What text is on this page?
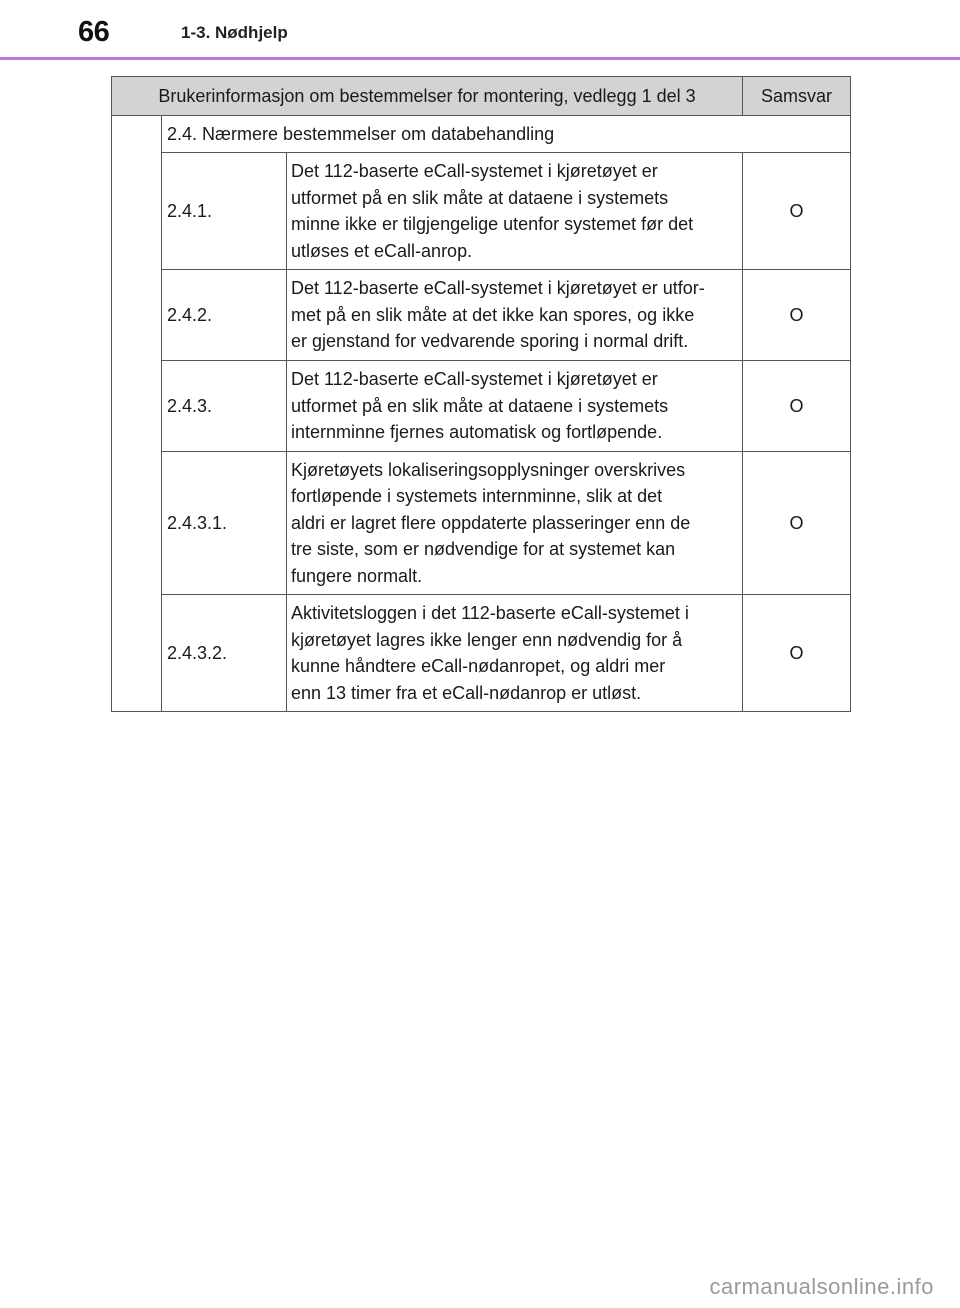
66	1-3. Nødhjelp
Brukerinformasjon om bestemmelser for montering, vedlegg 1 del 3			Samsvar
	2.4. Nærmere bestemmelser om databehandling		
	2.4.1.	Det 112-baserte eCall-systemet i kjøretøyet er
utformet på en slik måte at dataene i systemets
minne ikke er tilgjengelige utenfor systemet før det
utløses et eCall-anrop.	O
	2.4.2.	Det 112-baserte eCall-systemet i kjøretøyet er utfor-
met på en slik måte at det ikke kan spores, og ikke
er gjenstand for vedvarende sporing i normal drift.	O
	2.4.3.	Det 112-baserte eCall-systemet i kjøretøyet er
utformet på en slik måte at dataene i systemets
internminne fjernes automatisk og fortløpende.	O
	2.4.3.1.	Kjøretøyets lokaliseringsopplysninger overskrives
fortløpende i systemets internminne, slik at det
aldri er lagret flere oppdaterte plasseringer enn de
tre siste, som er nødvendige for at systemet kan
fungere normalt.	O
	2.4.3.2.	Aktivitetsloggen i det 112-baserte eCall-systemet i
kjøretøyet lagres ikke lenger enn nødvendig for å
kunne håndtere eCall-nødanropet, og aldri mer
enn 13 timer fra et eCall-nødanrop er utløst.	O
carmanualsonline.info
